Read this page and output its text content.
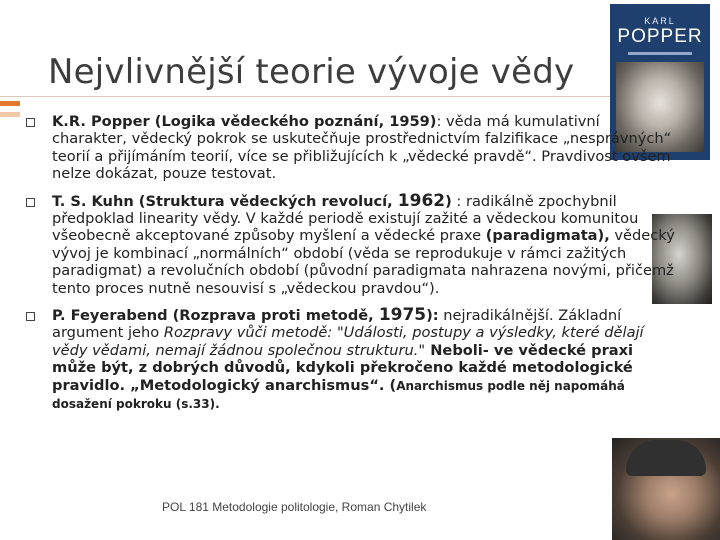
Nejvlivnější teorie vývoje vědy
KARL
POPPER
K.R. Popper (Logika vědeckého poznání, 1959): věda má kumulativní charakter, vědecký pokrok se uskutečňuje prostřednictvím falzifikace „nesprávných“ teorií a přijímáním teorií, více se přibližujících k „vědecké pravdě“. Pravdivost ovšem nelze dokázat, pouze testovat.
T. S. Kuhn (Struktura vědeckých revolucí, 1962) : radikálně zpochybnil předpoklad linearity vědy. V každé periodě existují zažité a vědeckou komunitou všeobecně akceptované způsoby myšlení a vědecké praxe (paradigmata), vědecký vývoj je kombinací „normálních“ období (věda se reprodukuje v rámci zažitých paradigmat) a revolučních období (původní paradigmata nahrazena novými, přičemž tento proces nutně nesouvisí s „vědeckou pravdou“).
P. Feyerabend (Rozprava proti metodě, 1975): nejradikálnější. Základní argument jeho Rozpravy vůči metodě: "Události, postupy a výsledky, které dělají vědy vědami, nemají žádnou společnou strukturu." Neboli- ve vědecké praxi může být, z dobrých důvodů, kdykoli překročeno každé metodologické pravidlo. „Metodologický anarchismus“. (Anarchismus podle něj napomáhá dosažení pokroku (s.33).
POL 181 Metodologie politologie, Roman Chytilek
